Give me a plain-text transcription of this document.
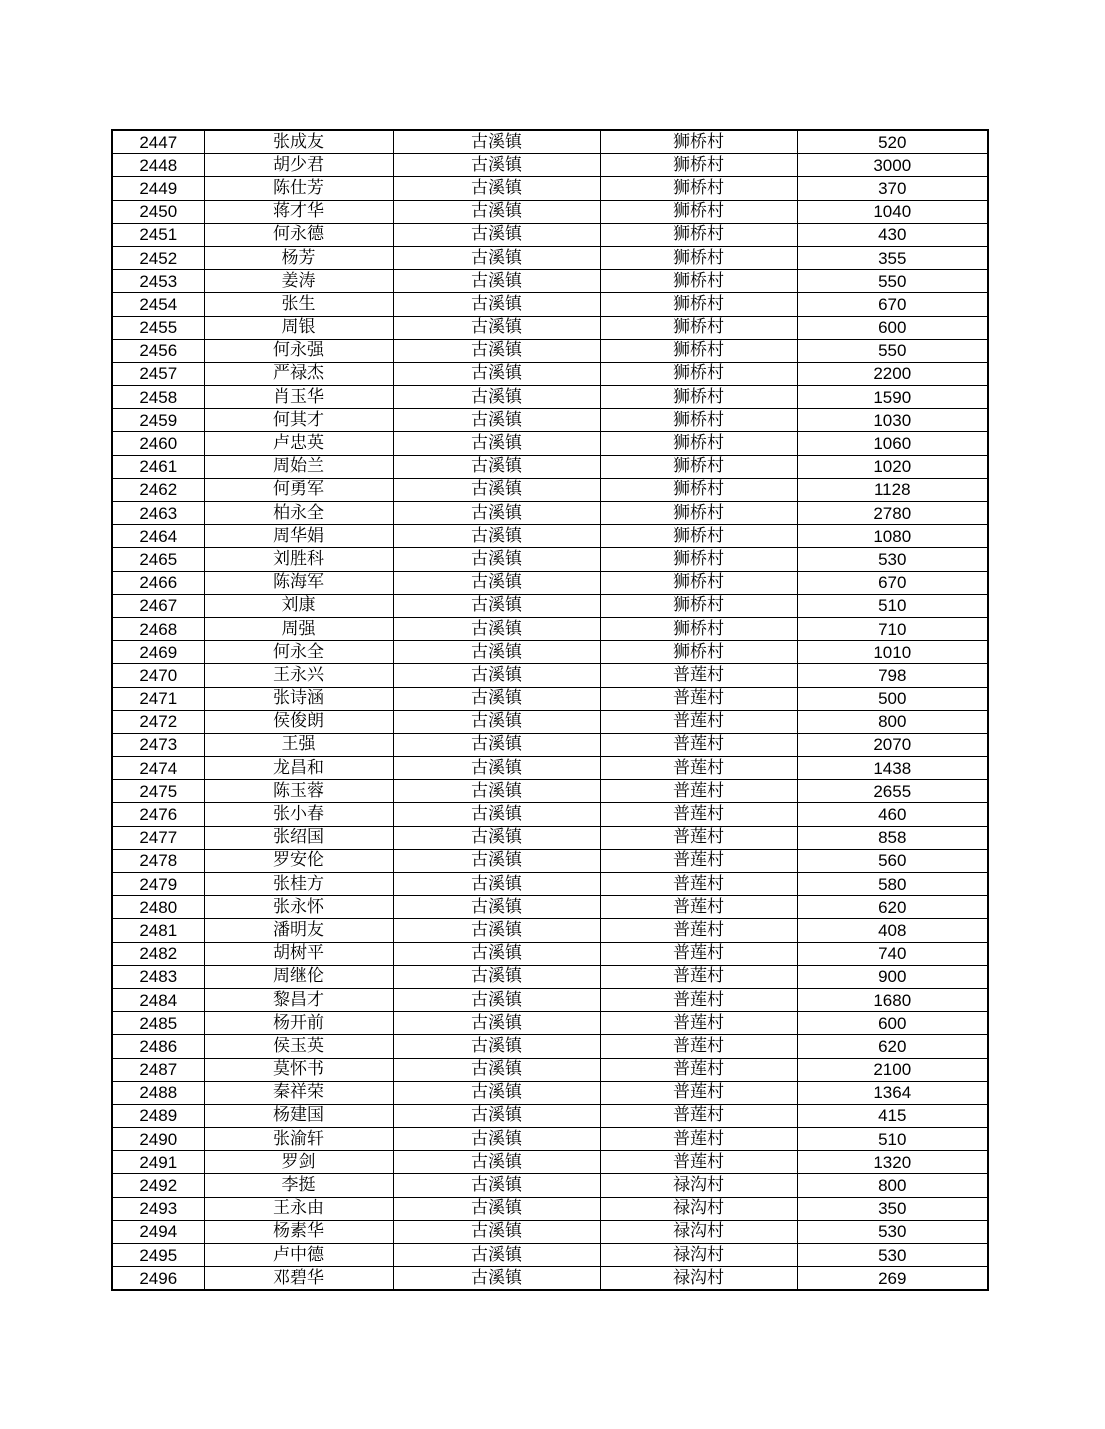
2447	张成友	古溪镇	狮桥村	520
2448	胡少君	古溪镇	狮桥村	3000
2449	陈仕芳	古溪镇	狮桥村	370
2450	蒋才华	古溪镇	狮桥村	1040
2451	何永德	古溪镇	狮桥村	430
2452	杨芳	古溪镇	狮桥村	355
2453	姜涛	古溪镇	狮桥村	550
2454	张生	古溪镇	狮桥村	670
2455	周银	古溪镇	狮桥村	600
2456	何永强	古溪镇	狮桥村	550
2457	严禄杰	古溪镇	狮桥村	2200
2458	肖玉华	古溪镇	狮桥村	1590
2459	何其才	古溪镇	狮桥村	1030
2460	卢忠英	古溪镇	狮桥村	1060
2461	周始兰	古溪镇	狮桥村	1020
2462	何勇军	古溪镇	狮桥村	1128
2463	柏永全	古溪镇	狮桥村	2780
2464	周华娟	古溪镇	狮桥村	1080
2465	刘胜科	古溪镇	狮桥村	530
2466	陈海军	古溪镇	狮桥村	670
2467	刘康	古溪镇	狮桥村	510
2468	周强	古溪镇	狮桥村	710
2469	何永全	古溪镇	狮桥村	1010
2470	王永兴	古溪镇	普莲村	798
2471	张诗涵	古溪镇	普莲村	500
2472	侯俊朗	古溪镇	普莲村	800
2473	王强	古溪镇	普莲村	2070
2474	龙昌和	古溪镇	普莲村	1438
2475	陈玉蓉	古溪镇	普莲村	2655
2476	张小春	古溪镇	普莲村	460
2477	张绍国	古溪镇	普莲村	858
2478	罗安伦	古溪镇	普莲村	560
2479	张桂方	古溪镇	普莲村	580
2480	张永怀	古溪镇	普莲村	620
2481	潘明友	古溪镇	普莲村	408
2482	胡树平	古溪镇	普莲村	740
2483	周继伦	古溪镇	普莲村	900
2484	黎昌才	古溪镇	普莲村	1680
2485	杨开前	古溪镇	普莲村	600
2486	侯玉英	古溪镇	普莲村	620
2487	莫怀书	古溪镇	普莲村	2100
2488	秦祥荣	古溪镇	普莲村	1364
2489	杨建国	古溪镇	普莲村	415
2490	张渝轩	古溪镇	普莲村	510
2491	罗剑	古溪镇	普莲村	1320
2492	李挺	古溪镇	禄沟村	800
2493	王永由	古溪镇	禄沟村	350
2494	杨素华	古溪镇	禄沟村	530
2495	卢中德	古溪镇	禄沟村	530
2496	邓碧华	古溪镇	禄沟村	269
